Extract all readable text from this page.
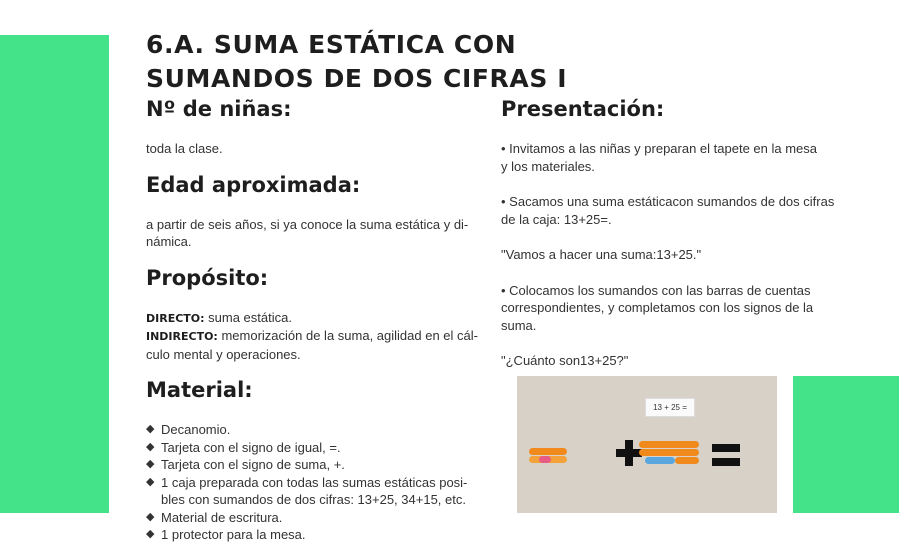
6.A. SUMA ESTÁTICA CON
SUMANDOS DE DOS CIFRAS I
Nº de niñas:

toda la clase.

Edad aproximada:

a partir de seis años, si ya conoce la suma estática y di-
námica.

Propósito:

DIRECTO: suma estática.

INDIRECTO: memorización de la suma, agilidad en el cál-
culo mental y operaciones.

Material:
◆ Decanomio.
◆ Tarjeta con el signo de igual, =.
◆ Tarjeta con el signo de suma, +.
◆ 1 caja preparada con todas las sumas estáticas posi-
bles con sumandos de dos cifras: 13+25, 34+15, etc.
◆ Material de escritura.
◆ 1 protector para la mesa.
Presentación:

• Invitamos a las niñas y preparan el tapete en la mesa
y los materiales.

• Sacamos una suma estáticacon sumandos de dos cifras
de la caja: 13+25=.

"Vamos a hacer una suma:13+25."

• Colocamos los sumandos con las barras de cuentas
correspondientes, y completamos con los signos de la suma.

"¿Cuánto son13+25?"

13 + 25 =
